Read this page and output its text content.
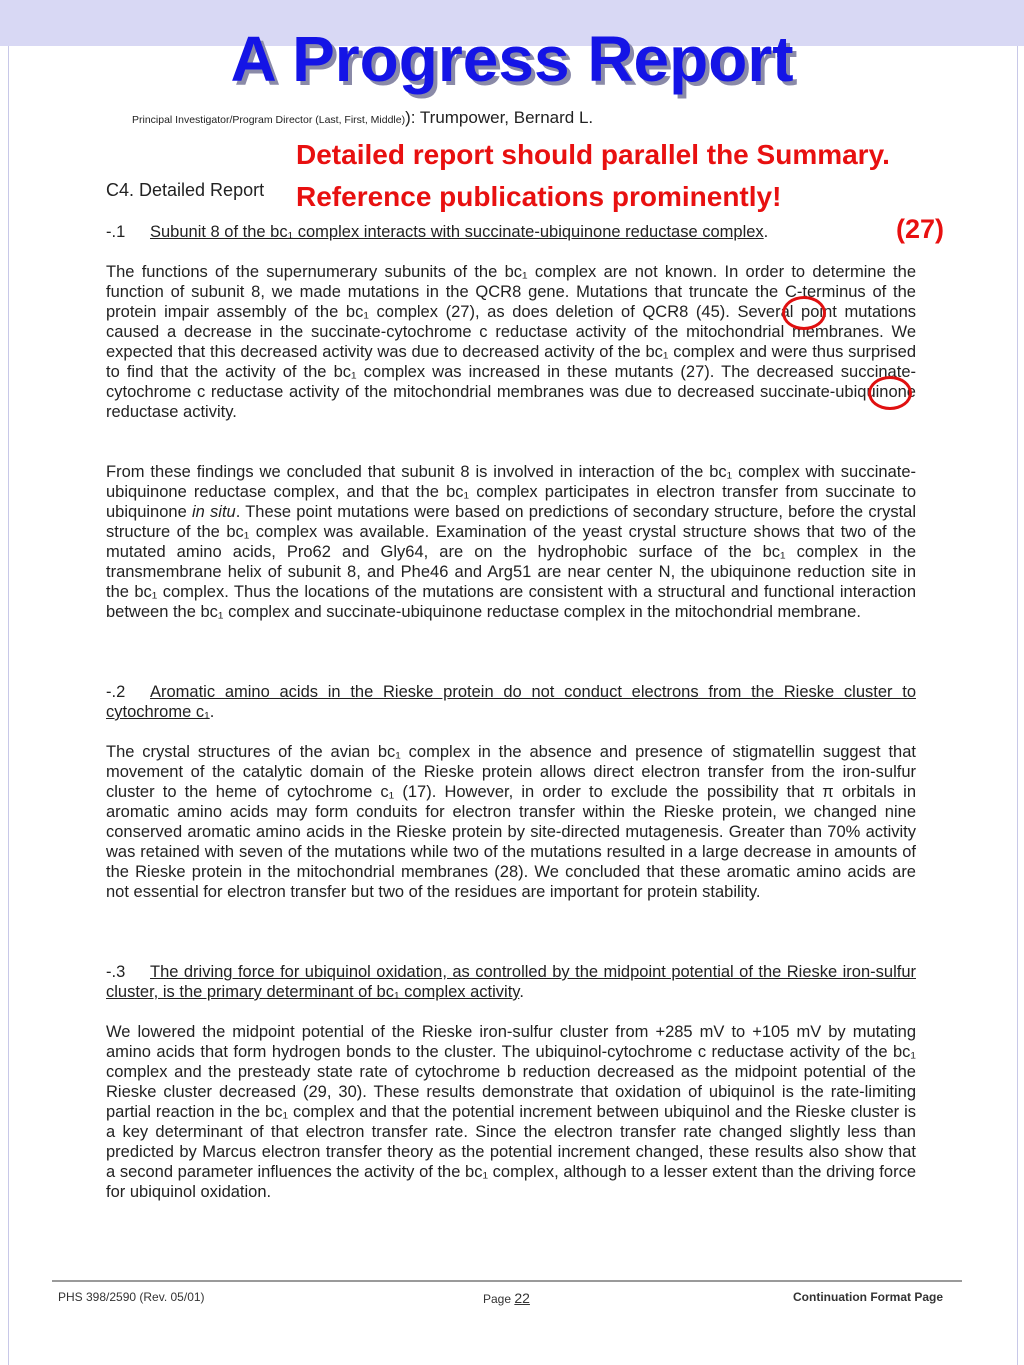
A Progress Report
Principal Investigator/Program Director (Last, First, Middle)): Trumpower, Bernard L.
C4. Detailed Report
Detailed report should parallel the Summary.
Reference publications prominently!
(27)
-.1 Subunit 8 of the bc₁ complex interacts with succinate-ubiquinone reductase complex.

The functions of the supernumerary subunits of the bc₁ complex are not known. In order to determine the function of subunit 8, we made mutations in the QCR8 gene. Mutations that truncate the C-terminus of the protein impair assembly of the bc₁ complex (27), as does deletion of QCR8 (45). Several point mutations caused a decrease in the succinate-cytochrome c reductase activity of the mitochondrial membranes. We expected that this decreased activity was due to decreased activity of the bc₁ complex and were thus surprised to find that the activity of the bc₁ complex was increased in these mutants (27). The decreased succinate-cytochrome c reductase activity of the mitochondrial membranes was due to decreased succinate-ubiquinone reductase activity.

From these findings we concluded that subunit 8 is involved in interaction of the bc₁ complex with succinate-ubiquinone reductase complex, and that the bc₁ complex participates in electron transfer from succinate to ubiquinone in situ. These point mutations were based on predictions of secondary structure, before the crystal structure of the bc₁ complex was available. Examination of the yeast crystal structure shows that two of the mutated amino acids, Pro62 and Gly64, are on the hydrophobic surface of the bc₁ complex in the transmembrane helix of subunit 8, and Phe46 and Arg51 are near center N, the ubiquinone reduction site in the bc₁ complex. Thus the locations of the mutations are consistent with a structural and functional interaction between the bc₁ complex and succinate-ubiquinone reductase complex in the mitochondrial membrane.

-.2 Aromatic amino acids in the Rieske protein do not conduct electrons from the Rieske cluster to cytochrome c₁.

The crystal structures of the avian bc₁ complex in the absence and presence of stigmatellin suggest that movement of the catalytic domain of the Rieske protein allows direct electron transfer from the iron-sulfur cluster to the heme of cytochrome c₁ (17). However, in order to exclude the possibility that π orbitals in aromatic amino acids may form conduits for electron transfer within the Rieske protein, we changed nine conserved aromatic amino acids in the Rieske protein by site-directed mutagenesis. Greater than 70% activity was retained with seven of the mutations while two of the mutations resulted in a large decrease in amounts of the Rieske protein in the mitochondrial membranes (28). We concluded that these aromatic amino acids are not essential for electron transfer but two of the residues are important for protein stability.

-.3 The driving force for ubiquinol oxidation, as controlled by the midpoint potential of the Rieske iron-sulfur cluster, is the primary determinant of bc₁ complex activity.

We lowered the midpoint potential of the Rieske iron-sulfur cluster from +285 mV to +105 mV by mutating amino acids that form hydrogen bonds to the cluster. The ubiquinol-cytochrome c reductase activity of the bc₁ complex and the presteady state rate of cytochrome b reduction decreased as the midpoint potential of the Rieske cluster decreased (29, 30). These results demonstrate that oxidation of ubiquinol is the rate-limiting partial reaction in the bc₁ complex and that the potential increment between ubiquinol and the Rieske cluster is a key determinant of that electron transfer rate. Since the electron transfer rate changed slightly less than predicted by Marcus electron transfer theory as the potential increment changed, these results also show that a second parameter influences the activity of the bc₁ complex, although to a lesser extent than the driving force for ubiquinol oxidation.

PHS 398/2590 (Rev. 05/01)	Page 22	Continuation Format Page
